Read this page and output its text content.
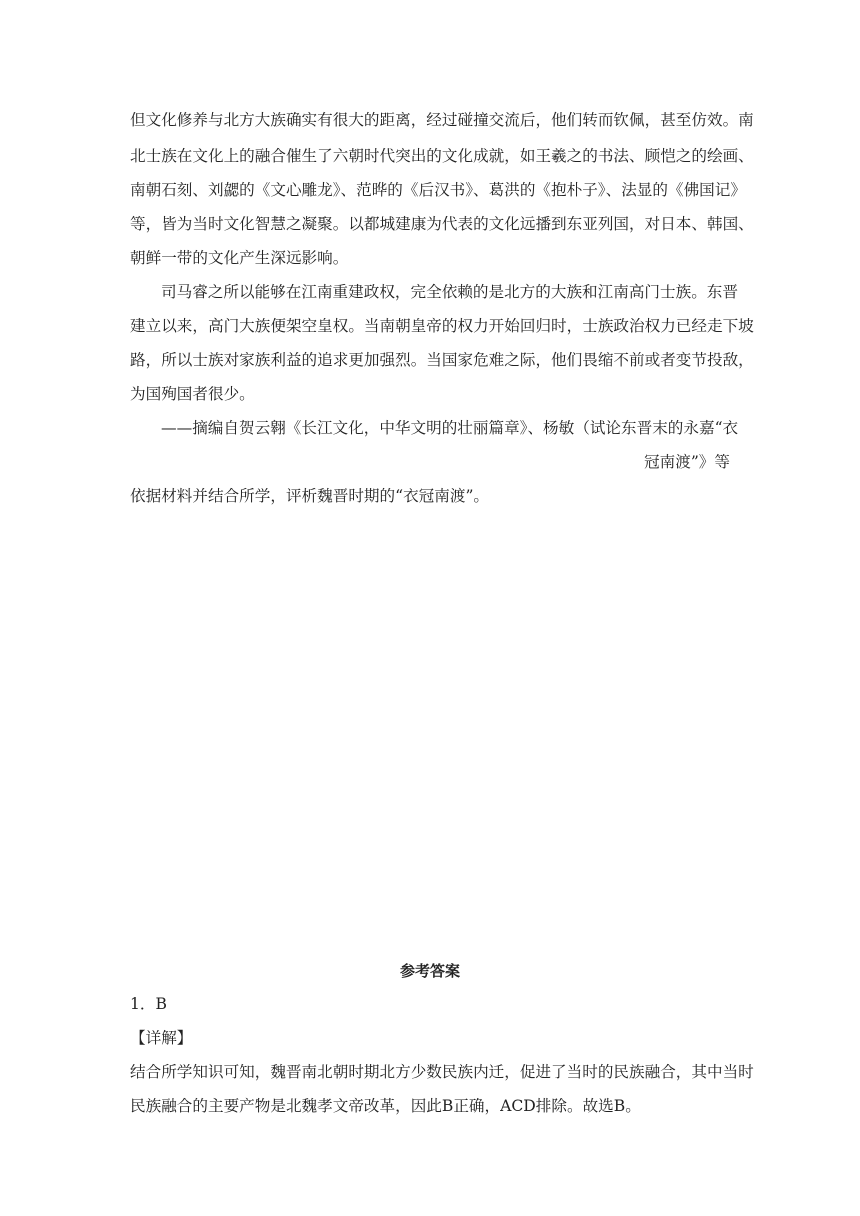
但文化修养与北方大族确实有很大的距离，经过碰撞交流后，他们转而钦佩，甚至仿效。南
北士族在文化上的融合催生了六朝时代突出的文化成就，如王羲之的书法、顾恺之的绘画、
南朝石刻、刘勰的《文心雕龙》、范晔的《后汉书》、葛洪的《抱朴子》、法显的《佛国记》
等，皆为当时文化智慧之凝聚。以都城建康为代表的文化远播到东亚列国，对日本、韩国、
朝鲜一带的文化产生深远影响。
司马睿之所以能够在江南重建政权，完全依赖的是北方的大族和江南高门士族。东晋
建立以来，高门大族便架空皇权。当南朝皇帝的权力开始回归时，士族政治权力已经走下坡
路，所以士族对家族利益的追求更加强烈。当国家危难之际，他们畏缩不前或者变节投敌，
为国殉国者很少。
——摘编自贺云翱《长江文化，中华文明的壮丽篇章》、杨敏（试论东晋末的永嘉“衣
冠南渡”》等
依据材料并结合所学，评析魏晋时期的“衣冠南渡”。
参考答案
1．B
【详解】
结合所学知识可知，魏晋南北朝时期北方少数民族内迁，促进了当时的民族融合，其中当时
民族融合的主要产物是北魏孝文帝改革，因此B正确，ACD排除。故选B。
